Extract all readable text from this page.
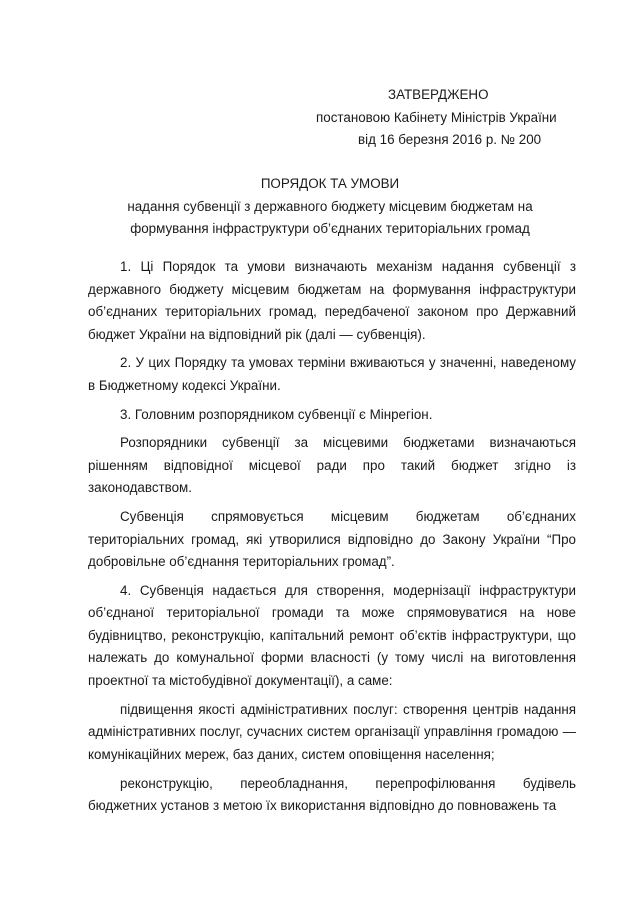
ЗАТВЕРДЖЕНО
постановою Кабінету Міністрів України
від 16 березня 2016 р. № 200
ПОРЯДОК ТА УМОВИ
надання субвенції з державного бюджету місцевим бюджетам на
формування інфраструктури об’єднаних територіальних громад

1. Ці Порядок та умови визначають механізм надання субвенції з державного бюджету місцевим бюджетам на формування інфраструктури об’єднаних територіальних громад, передбаченої законом про Державний бюджет України на відповідний рік (далі — субвенція).

2. У цих Порядку та умовах терміни вживаються у значенні, наведеному в Бюджетному кодексі України.

3. Головним розпорядником субвенції є Мінрегіон.

Розпорядники субвенції за місцевими бюджетами визначаються рішенням відповідної місцевої ради про такий бюджет згідно із законодавством.

Субвенція спрямовується місцевим бюджетам об’єднаних територіальних громад, які утворилися відповідно до Закону України “Про добровільне об’єднання територіальних громад”.

4. Субвенція надається для створення, модернізації інфраструктури об’єднаної територіальної громади та може спрямовуватися на нове будівництво, реконструкцію, капітальний ремонт об’єктів інфраструктури, що належать до комунальної форми власності (у тому числі на виготовлення проектної та містобудівної документації), а саме:

підвищення якості адміністративних послуг: створення центрів надання адміністративних послуг, сучасних систем організації управління громадою — комунікаційних мереж, баз даних, систем оповіщення населення;

реконструкцію, переобладнання, перепрофілювання будівель бюджетних установ з метою їх використання відповідно до повноважень та
